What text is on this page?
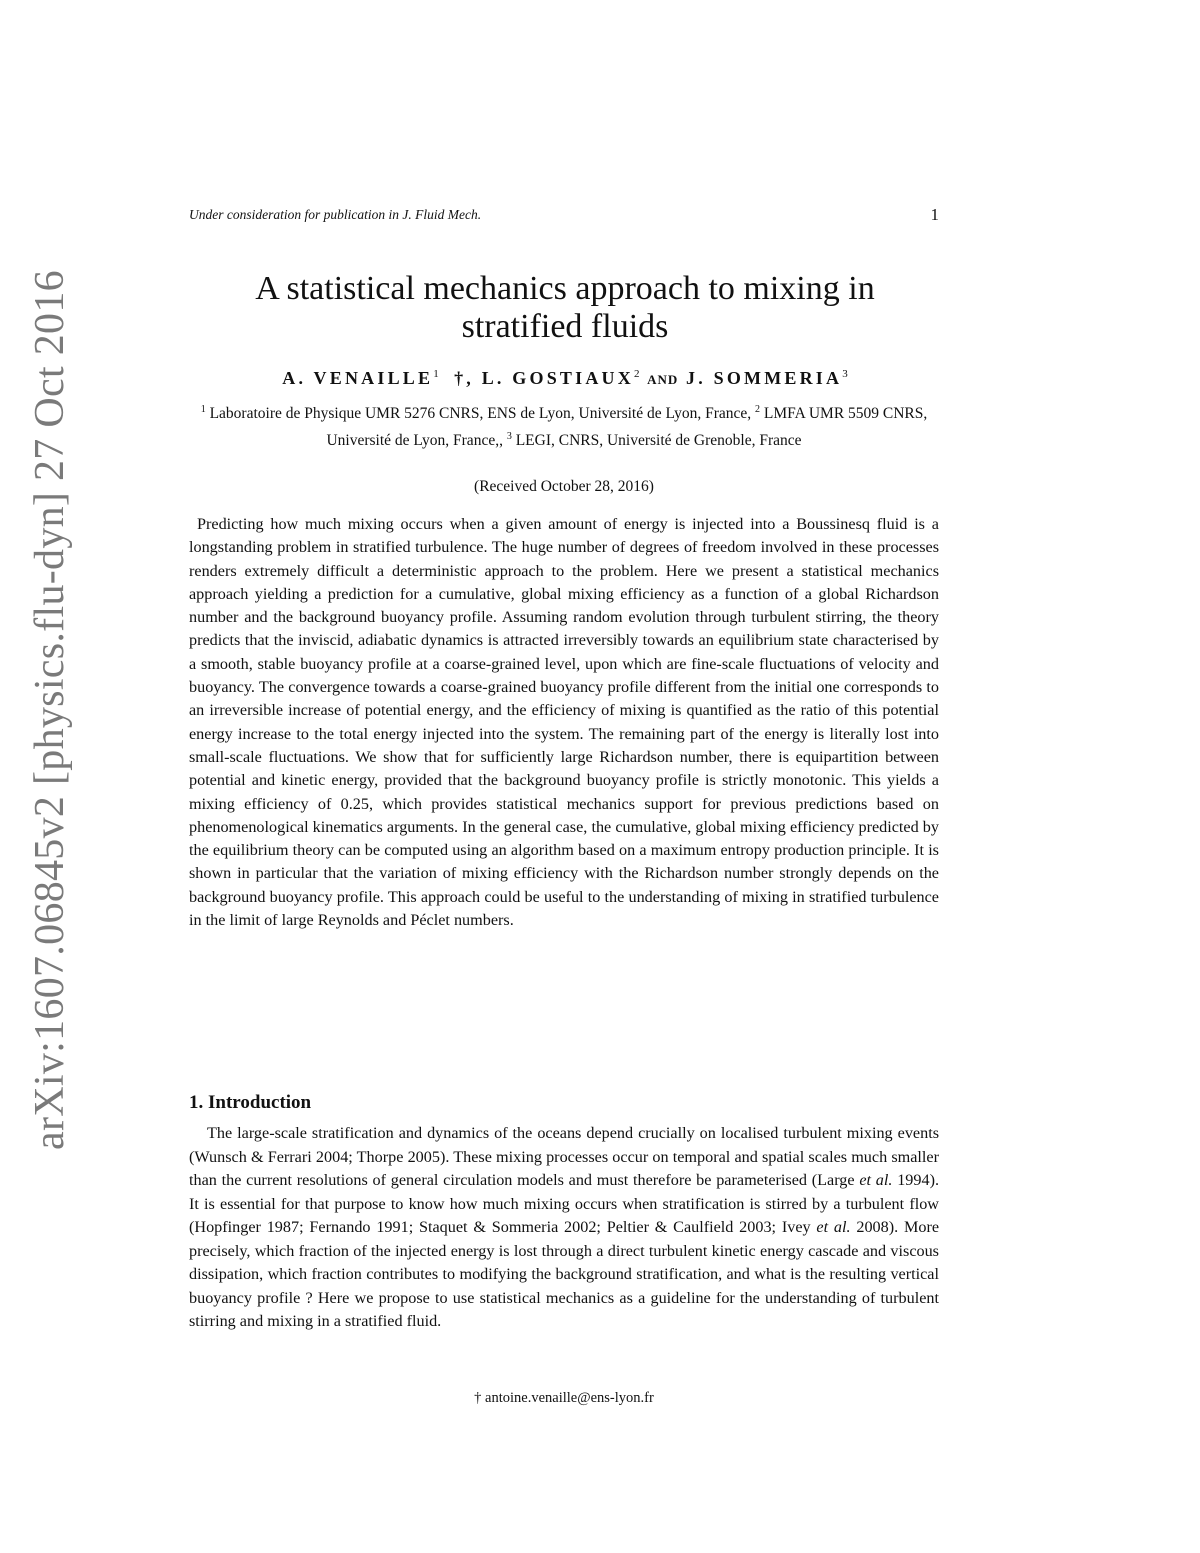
Under consideration for publication in J. Fluid Mech.	1
arXiv:1607.06845v2 [physics.flu-dyn] 27 Oct 2016	A statistical mechanics approach to mixing in
stratified fluids
A. VENAILLE$^1$ †, L. GOSTIAUX$^2$ AND J. SOMMERIA$^3$
$^1$ Laboratoire de Physique UMR 5276 CNRS, ENS de Lyon, Université de Lyon, France, $^2$ LMFA UMR 5509 CNRS, Université de Lyon, France,, $^3$ LEGI, CNRS, Université de Grenoble, France
(Received October 28, 2016)

Predicting how much mixing occurs when a given amount of energy is injected into a Boussinesq fluid is a longstanding problem in stratified turbulence. The huge number of degrees of freedom involved in these processes renders extremely difficult a deterministic approach to the problem. Here we present a statistical mechanics approach yielding a prediction for a cumulative, global mixing efficiency as a function of a global Richardson number and the background buoyancy profile. Assuming random evolution through turbulent stirring, the theory predicts that the inviscid, adiabatic dynamics is attracted irreversibly towards an equilibrium state characterised by a smooth, stable buoyancy profile at a coarse-grained level, upon which are fine-scale fluctuations of velocity and buoyancy. The convergence towards a coarse-grained buoyancy profile different from the initial one corresponds to an irreversible increase of potential energy, and the efficiency of mixing is quantified as the ratio of this potential energy increase to the total energy injected into the system. The remaining part of the energy is literally lost into small-scale fluctuations. We show that for sufficiently large Richardson number, there is equipartition between potential and kinetic energy, provided that the background buoyancy profile is strictly monotonic. This yields a mixing efficiency of 0.25, which provides statistical mechanics support for previous predictions based on phenomenological kinematics arguments. In the general case, the cumulative, global mixing efficiency predicted by the equilibrium theory can be computed using an algorithm based on a maximum entropy production principle. It is shown in particular that the variation of mixing efficiency with the Richardson number strongly depends on the background buoyancy profile. This approach could be useful to the understanding of mixing in stratified turbulence in the limit of large Reynolds and Péclet numbers.

1. Introduction

The large-scale stratification and dynamics of the oceans depend crucially on localised turbulent mixing events (Wunsch & Ferrari 2004; Thorpe 2005). These mixing processes occur on temporal and spatial scales much smaller than the current resolutions of general circulation models and must therefore be parameterised (Large et al. 1994). It is essential for that purpose to know how much mixing occurs when stratification is stirred by a turbulent flow (Hopfinger 1987; Fernando 1991; Staquet & Sommeria 2002; Peltier & Caulfield 2003; Ivey et al. 2008). More precisely, which fraction of the injected energy is lost through a direct turbulent kinetic energy cascade and viscous dissipation, which fraction contributes to modifying the background stratification, and what is the resulting vertical buoyancy profile ? Here we propose to use statistical mechanics as a guideline for the understanding of turbulent stirring and mixing in a stratified fluid.

† antoine.venaille@ens-lyon.fr
